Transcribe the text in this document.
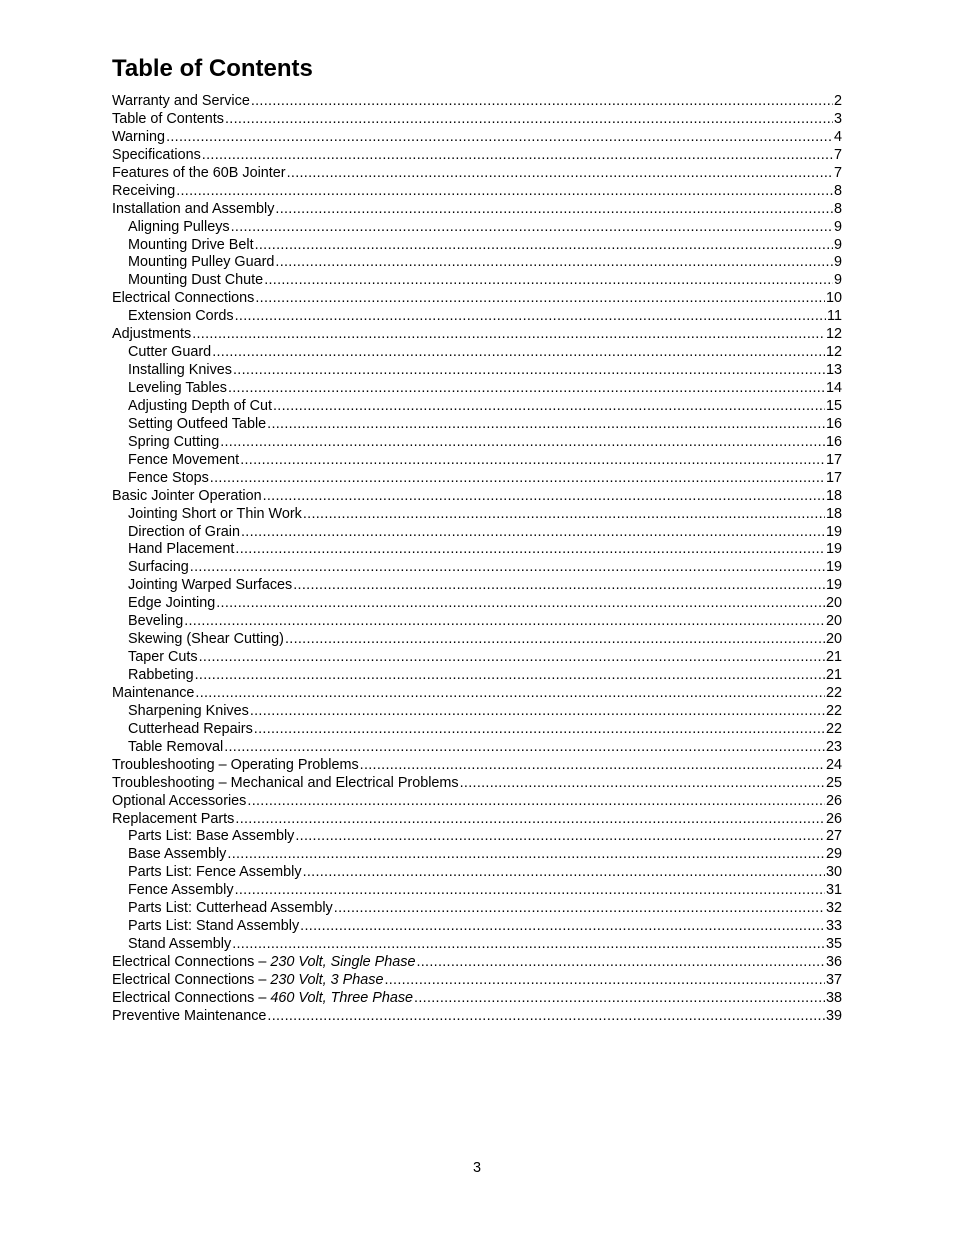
Table of Contents
Warranty and Service .....	2
Table of Contents .....	3
Warning .....	4
Specifications .....	7
Features of the 60B Jointer .....	7
Receiving .....	8
Installation and Assembly .....	8
Aligning Pulleys .....	9
Mounting Drive Belt .....	9
Mounting Pulley Guard .....	9
Mounting Dust Chute .....	9
Electrical Connections .....	10
Extension Cords .....	11
Adjustments .....	12
Cutter Guard .....	12
Installing Knives .....	13
Leveling Tables .....	14
Adjusting Depth of Cut .....	15
Setting Outfeed Table .....	16
Spring Cutting .....	16
Fence Movement .....	17
Fence Stops .....	17
Basic Jointer Operation .....	18
Jointing Short or Thin Work .....	18
Direction of Grain .....	19
Hand Placement .....	19
Surfacing .....	19
Jointing Warped Surfaces .....	19
Edge Jointing .....	20
Beveling .....	20
Skewing (Shear Cutting) .....	20
Taper Cuts .....	21
Rabbeting .....	21
Maintenance .....	22
Sharpening Knives .....	22
Cutterhead Repairs .....	22
Table Removal .....	23
Troubleshooting – Operating Problems .....	24
Troubleshooting – Mechanical and Electrical Problems .....	25
Optional Accessories .....	26
Replacement Parts .....	26
Parts List: Base Assembly .....	27
Base Assembly .....	29
Parts List: Fence Assembly .....	30
Fence Assembly .....	31
Parts List: Cutterhead Assembly .....	32
Parts List: Stand Assembly .....	33
Stand Assembly .....	35
Electrical Connections – 230 Volt, Single Phase .....	36
Electrical Connections – 230 Volt, 3 Phase .....	37
Electrical Connections – 460 Volt, Three Phase .....	38
Preventive Maintenance .....	39
3
